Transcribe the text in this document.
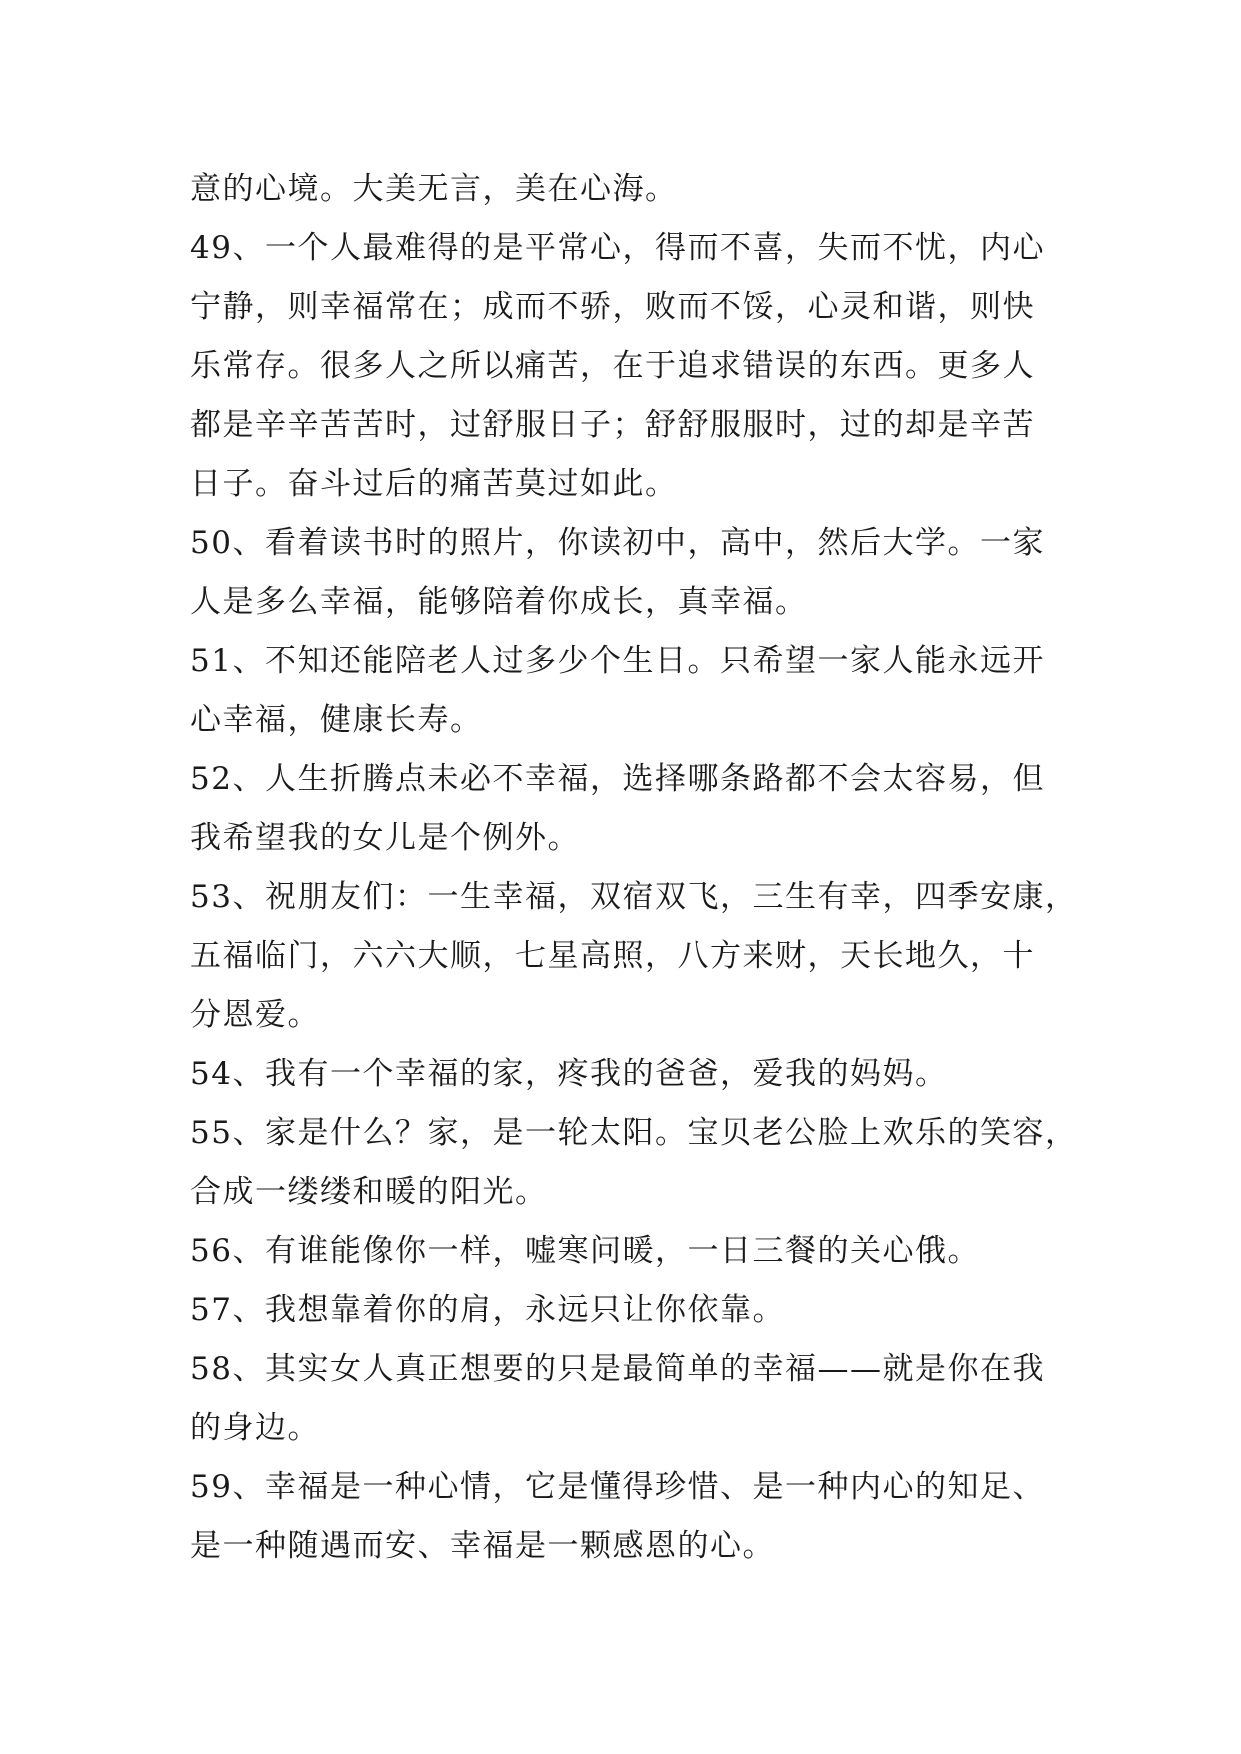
意的心境。大美无言，美在心海。
49、一个人最难得的是平常心，得而不喜，失而不忧，内心
宁静，则幸福常在；成而不骄，败而不馁，心灵和谐，则快
乐常存。很多人之所以痛苦，在于追求错误的东西。更多人
都是辛辛苦苦时，过舒服日子；舒舒服服时，过的却是辛苦
日子。奋斗过后的痛苦莫过如此。
50、看着读书时的照片，你读初中，高中，然后大学。一家
人是多么幸福，能够陪着你成长，真幸福。
51、不知还能陪老人过多少个生日。只希望一家人能永远开
心幸福，健康长寿。
52、人生折腾点未必不幸福，选择哪条路都不会太容易，但
我希望我的女儿是个例外。
53、祝朋友们：一生幸福，双宿双飞，三生有幸，四季安康，
五福临门，六六大顺，七星高照，八方来财，天长地久，十
分恩爱。
54、我有一个幸福的家，疼我的爸爸，爱我的妈妈。
55、家是什么？家，是一轮太阳。宝贝老公脸上欢乐的笑容，
合成一缕缕和暖的阳光。
56、有谁能像你一样，嘘寒问暖，一日三餐的关心俄。
57、我想靠着你的肩，永远只让你依靠。
58、其实女人真正想要的只是最简单的幸福——就是你在我
的身边。
59、幸福是一种心情，它是懂得珍惜、是一种内心的知足、
是一种随遇而安、幸福是一颗感恩的心。
